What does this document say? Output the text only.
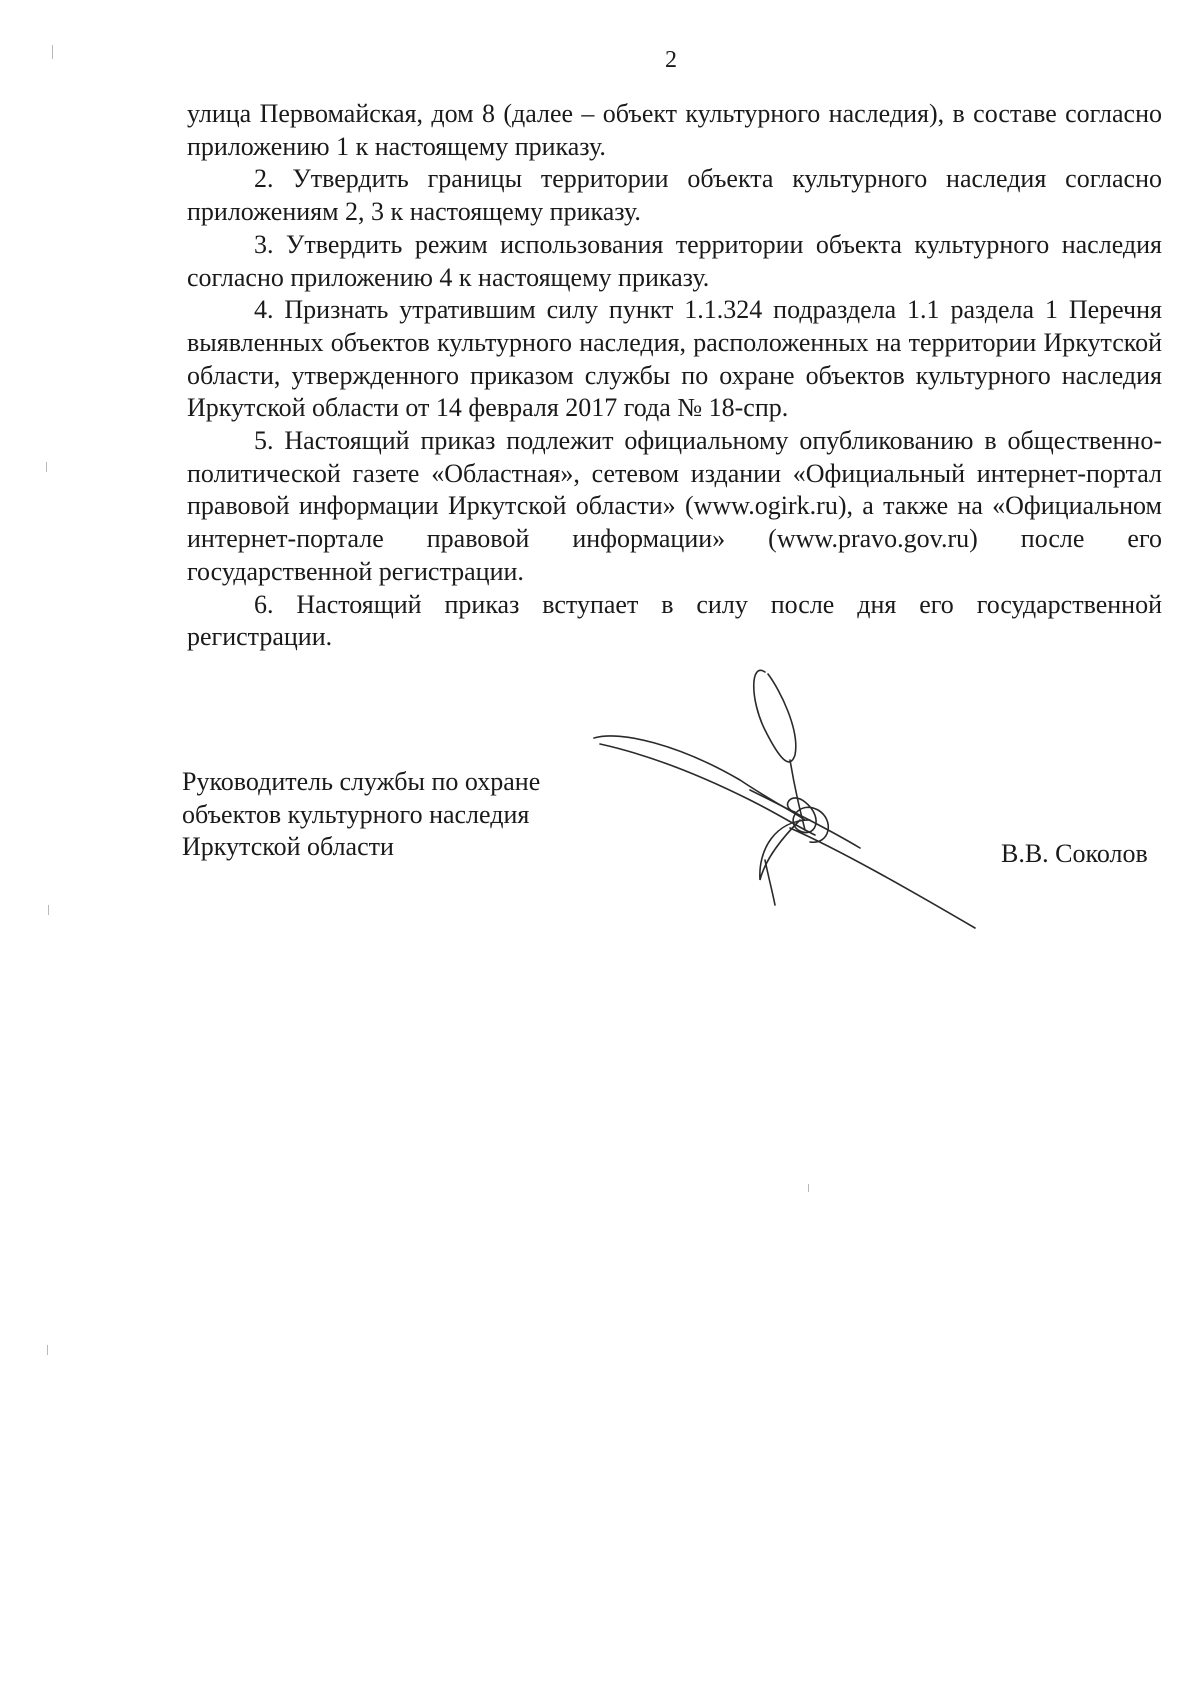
2

улица Первомайская, дом 8 (далее – объект культурного наследия), в составе согласно приложению 1 к настоящему приказу.

2. Утвердить границы территории объекта культурного наследия согласно приложениям 2, 3 к настоящему приказу.

3. Утвердить режим использования территории объекта культурного наследия согласно приложению 4 к настоящему приказу.

4. Признать утратившим силу пункт 1.1.324 подраздела 1.1 раздела 1 Перечня выявленных объектов культурного наследия, расположенных на территории Иркутской области, утвержденного приказом службы по охране объектов культурного наследия Иркутской области от 14 февраля 2017 года № 18-спр.

5. Настоящий приказ подлежит официальному опубликованию в общественно-политической газете «Областная», сетевом издании «Официальный интернет-портал правовой информации Иркутской области» (www.ogirk.ru), а также на «Официальном интернет-портале правовой информации» (www.pravo.gov.ru) после его государственной регистрации.

6. Настоящий приказ вступает в силу после дня его государственной регистрации.

Руководитель службы по охране
объектов культурного наследия
Иркутской области	В.В. Соколов
